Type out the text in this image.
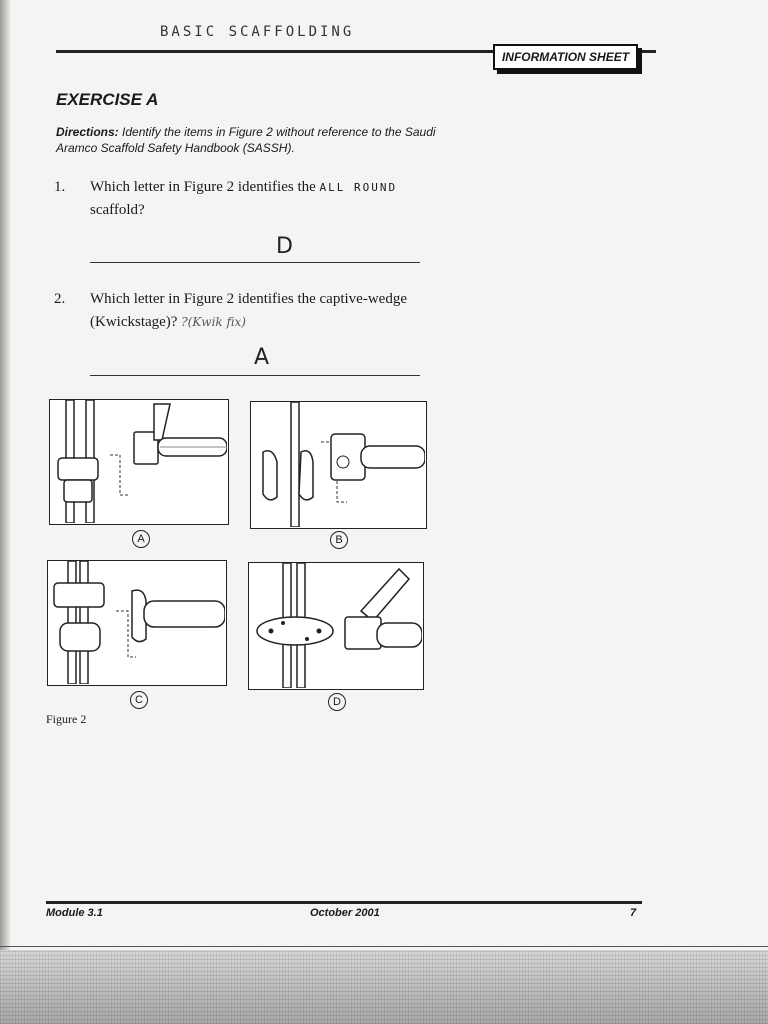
BASIC SCAFFOLDING
INFORMATION SHEET
EXERCISE A
Directions: Identify the items in Figure 2 without reference to the Saudi Aramco Scaffold Safety Handbook (SASSH).
1. Which letter in Figure 2 identifies the ALL ROUND
scaffold?
D
2. Which letter in Figure 2 identifies the captive-wedge (Kwickstage)? ?(Kwik fix)
A
A	B
C	D
Figure 2
Module 3.1	October 2001	7
